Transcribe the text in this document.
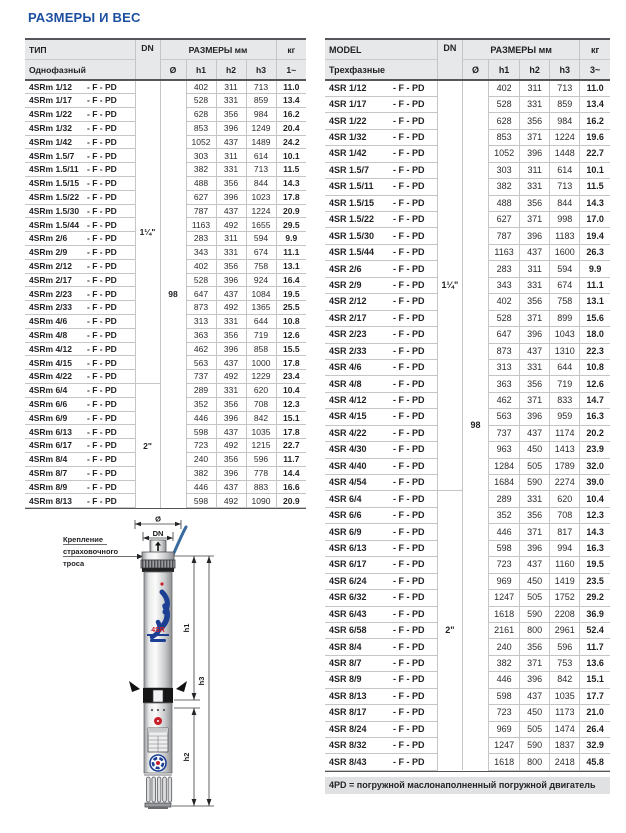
РАЗМЕРЫ И ВЕС
ТИП	DN	РАЗМЕРЫ мм				кг
Однофазный		Ø	h1	h2	h3	1~
4SRm 1/12 - F - PD	1¼"	98	402	311	713	11.0
4SRm 1/17 - F - PD			528	331	859	13.4
4SRm 1/22 - F - PD			628	356	984	16.2
4SRm 1/32 - F - PD			853	396	1249	20.4
4SRm 1/42 - F - PD			1052	437	1489	24.2
4SRm 1.5/7 - F - PD			303	311	614	10.1
4SRm 1.5/11 - F - PD			382	331	713	11.5
4SRm 1.5/15 - F - PD			488	356	844	14.3
4SRm 1.5/22 - F - PD			627	396	1023	17.8
4SRm 1.5/30 - F - PD			787	437	1224	20.9
4SRm 1.5/44 - F - PD			1163	492	1655	29.5
4SRm 2/6 - F - PD			283	311	594	9.9
4SRm 2/9 - F - PD			343	331	674	11.1
4SRm 2/12 - F - PD			402	356	758	13.1
4SRm 2/17 - F - PD			528	396	924	16.4
4SRm 2/23 - F - PD			647	437	1084	19.5
4SRm 2/33 - F - PD			873	492	1365	25.5
4SRm 4/6 - F - PD			313	331	644	10.8
4SRm 4/8 - F - PD			363	356	719	12.6
4SRm 4/12 - F - PD			462	396	858	15.5
4SRm 4/15 - F - PD			563	437	1000	17.8
4SRm 4/22 - F - PD			737	492	1229	23.4
4SRm 6/4 - F - PD	2"		289	331	620	10.4
4SRm 6/6 - F - PD			352	356	708	12.3
4SRm 6/9 - F - PD			446	396	842	15.1
4SRm 6/13 - F - PD			598	437	1035	17.8
4SRm 6/17 - F - PD			723	492	1215	22.7
4SRm 8/4 - F - PD			240	356	596	11.7
4SRm 8/7 - F - PD			382	396	778	14.4
4SRm 8/9 - F - PD			446	437	883	16.6
4SRm 8/13 - F - PD			598	492	1090	20.9
MODEL	DN	РАЗМЕРЫ мм				кг
Трехфазные		Ø	h1	h2	h3	3~
4SR 1/12 - F - PD	1¼"	98	402	311	713	11.0
4SR 1/17 - F - PD			528	331	859	13.4
4SR 1/22 - F - PD			628	356	984	16.2
4SR 1/32 - F - PD			853	371	1224	19.6
4SR 1/42 - F - PD			1052	396	1448	22.7
4SR 1.5/7 - F - PD			303	311	614	10.1
4SR 1.5/11 - F - PD			382	331	713	11.5
4SR 1.5/15 - F - PD			488	356	844	14.3
4SR 1.5/22 - F - PD			627	371	998	17.0
4SR 1.5/30 - F - PD			787	396	1183	19.4
4SR 1.5/44 - F - PD			1163	437	1600	26.3
4SR 2/6 - F - PD			283	311	594	9.9
4SR 2/9 - F - PD			343	331	674	11.1
4SR 2/12 - F - PD			402	356	758	13.1
4SR 2/17 - F - PD			528	371	899	15.6
4SR 2/23 - F - PD			647	396	1043	18.0
4SR 2/33 - F - PD			873	437	1310	22.3
4SR 4/6 - F - PD			313	331	644	10.8
4SR 4/8 - F - PD			363	356	719	12.6
4SR 4/12 - F - PD			462	371	833	14.7
4SR 4/15 - F - PD			563	396	959	16.3
4SR 4/22 - F - PD			737	437	1174	20.2
4SR 4/30 - F - PD			963	450	1413	23.9
4SR 4/40 - F - PD			1284	505	1789	32.0
4SR 4/54 - F - PD			1684	590	2274	39.0
4SR 6/4 - F - PD	2"		289	331	620	10.4
4SR 6/6 - F - PD			352	356	708	12.3
4SR 6/9 - F - PD			446	371	817	14.3
4SR 6/13 - F - PD			598	396	994	16.3
4SR 6/17 - F - PD			723	437	1160	19.5
4SR 6/24 - F - PD			969	450	1419	23.5
4SR 6/32 - F - PD			1247	505	1752	29.2
4SR 6/43 - F - PD			1618	590	2208	36.9
4SR 6/58 - F - PD			2161	800	2961	52.4
4SR 8/4 - F - PD			240	356	596	11.7
4SR 8/7 - F - PD			382	371	753	13.6
4SR 8/9 - F - PD			446	396	842	15.1
4SR 8/13 - F - PD			598	437	1035	17.7
4SR 8/17 - F - PD			723	450	1173	21.0
4SR 8/24 - F - PD			969	505	1474	26.4
4SR 8/32 - F - PD			1247	590	1837	32.9
4SR 8/43 - F - PD			1618	800	2418	45.8
4PD = погружной маслонаполненный погружной двигатель
Крепление
страховочного
троса
Ø
DN
4SR h1
h2
h3
